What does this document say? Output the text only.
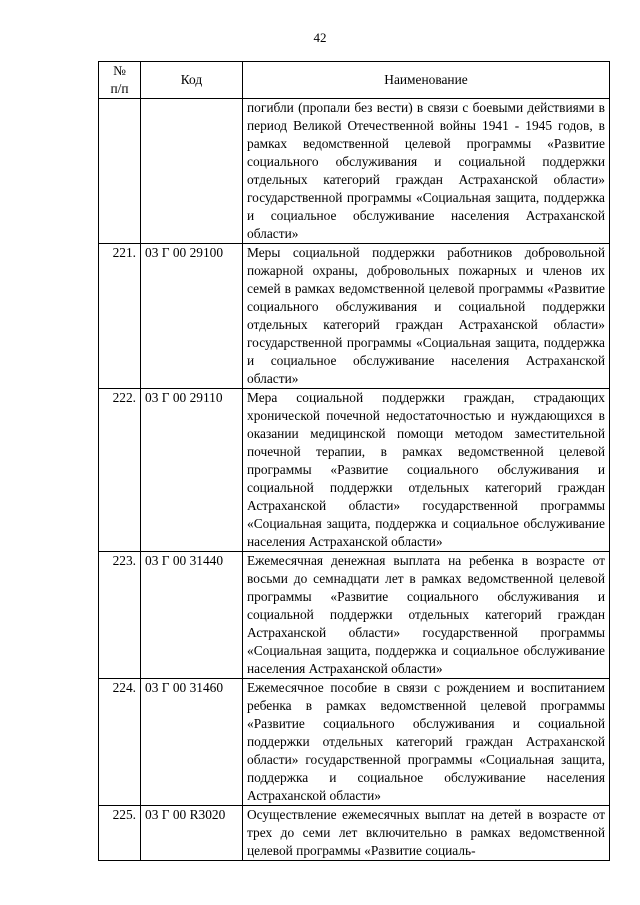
42
№
п/п	Код	Наименование
		погибли (пропали без вести) в связи с боевыми действиями в период Великой Отечественной войны 1941 - 1945 годов, в рамках ведомственной целевой программы «Развитие социального обслуживания и социальной поддержки отдельных категорий граждан Астраханской области» государственной программы «Социальная защита, поддержка и социальное обслуживание населения Астраханской области»
221.	03 Г 00 29100	Меры социальной поддержки работников добровольной пожарной охраны, добровольных пожарных и членов их семей в рамках ведомственной целевой программы «Развитие социального обслуживания и социальной поддержки отдельных категорий граждан Астраханской области» государственной программы «Социальная защита, поддержка и социальное обслуживание населения Астраханской области»
222.	03 Г 00 29110	Мера социальной поддержки граждан, страдающих хронической почечной недостаточностью и нуждающихся в оказании медицинской помощи методом заместительной почечной терапии, в рамках ведомственной целевой программы «Развитие социального обслуживания и социальной поддержки отдельных категорий граждан Астраханской области» государственной программы «Социальная защита, поддержка и социальное обслуживание населения Астраханской области»
223.	03 Г 00 31440	Ежемесячная денежная выплата на ребенка в возрасте от восьми до семнадцати лет в рамках ведомственной целевой программы «Развитие социального обслуживания и социальной поддержки отдельных категорий граждан Астраханской области» государственной программы «Социальная защита, поддержка и социальное обслуживание населения Астраханской области»
224.	03 Г 00 31460	Ежемесячное пособие в связи с рождением и воспитанием ребенка в рамках ведомственной целевой программы «Развитие социального обслуживания и социальной поддержки отдельных категорий граждан Астраханской области» государственной программы «Социальная защита, поддержка и социальное обслуживание населения Астраханской области»
225.	03 Г 00 R3020	Осуществление ежемесячных выплат на детей в возрасте от трех до семи лет включительно в рамках ведомственной целевой программы «Развитие социаль-
